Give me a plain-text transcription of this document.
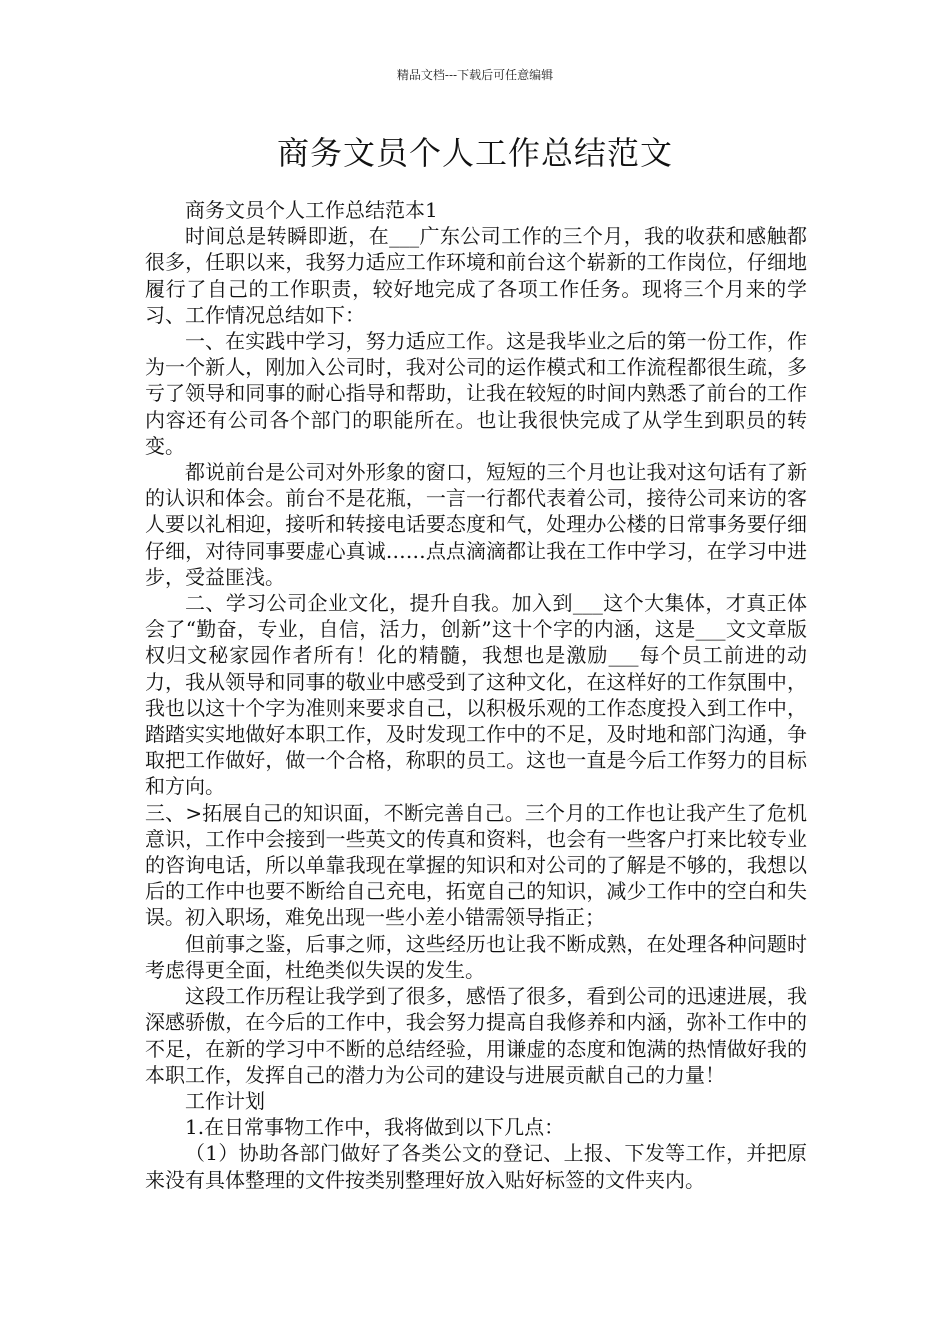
精品文档---下载后可任意编辑
商务文员个人工作总结范文

商务文员个人工作总结范本1

时间总是转瞬即逝，在___广东公司工作的三个月，我的收获和感触都很多，任职以来，我努力适应工作环境和前台这个崭新的工作岗位，仔细地履行了自己的工作职责，较好地完成了各项工作任务。现将三个月来的学习、工作情况总结如下：

一、在实践中学习，努力适应工作。这是我毕业之后的第一份工作，作为一个新人，刚加入公司时，我对公司的运作模式和工作流程都很生疏，多亏了领导和同事的耐心指导和帮助，让我在较短的时间内熟悉了前台的工作内容还有公司各个部门的职能所在。也让我很快完成了从学生到职员的转变。

都说前台是公司对外形象的窗口，短短的三个月也让我对这句话有了新的认识和体会。前台不是花瓶，一言一行都代表着公司，接待公司来访的客人要以礼相迎，接听和转接电话要态度和气，处理办公楼的日常事务要仔细仔细，对待同事要虚心真诚……点点滴滴都让我在工作中学习，在学习中进步，受益匪浅。

二、学习公司企业文化，提升自我。加入到___这个大集体，才真正体会了“勤奋，专业，自信，活力，创新”这十个字的内涵，这是___文文章版权归文秘家园作者所有！化的精髓，我想也是激励___每个员工前进的动力，我从领导和同事的敬业中感受到了这种文化，在这样好的工作氛围中，我也以这十个字为准则来要求自己，以积极乐观的工作态度投入到工作中，踏踏实实地做好本职工作，及时发现工作中的不足，及时地和部门沟通，争取把工作做好，做一个合格，称职的员工。这也一直是今后工作努力的目标和方向。

三、>拓展自己的知识面，不断完善自己。三个月的工作也让我产生了危机意识，工作中会接到一些英文的传真和资料，也会有一些客户打来比较专业的咨询电话，所以单靠我现在掌握的知识和对公司的了解是不够的，我想以后的工作中也要不断给自己充电，拓宽自己的知识，减少工作中的空白和失误。初入职场，难免出现一些小差小错需领导指正；

但前事之鉴，后事之师，这些经历也让我不断成熟，在处理各种问题时考虑得更全面，杜绝类似失误的发生。

这段工作历程让我学到了很多，感悟了很多，看到公司的迅速进展，我深感骄傲，在今后的工作中，我会努力提高自我修养和内涵，弥补工作中的不足，在新的学习中不断的总结经验，用谦虚的态度和饱满的热情做好我的本职工作，发挥自己的潜力为公司的建设与进展贡献自己的力量！

工作计划

1.在日常事物工作中，我将做到以下几点：

（1）协助各部门做好了各类公文的登记、上报、下发等工作，并把原来没有具体整理的文件按类别整理好放入贴好标签的文件夹内。
